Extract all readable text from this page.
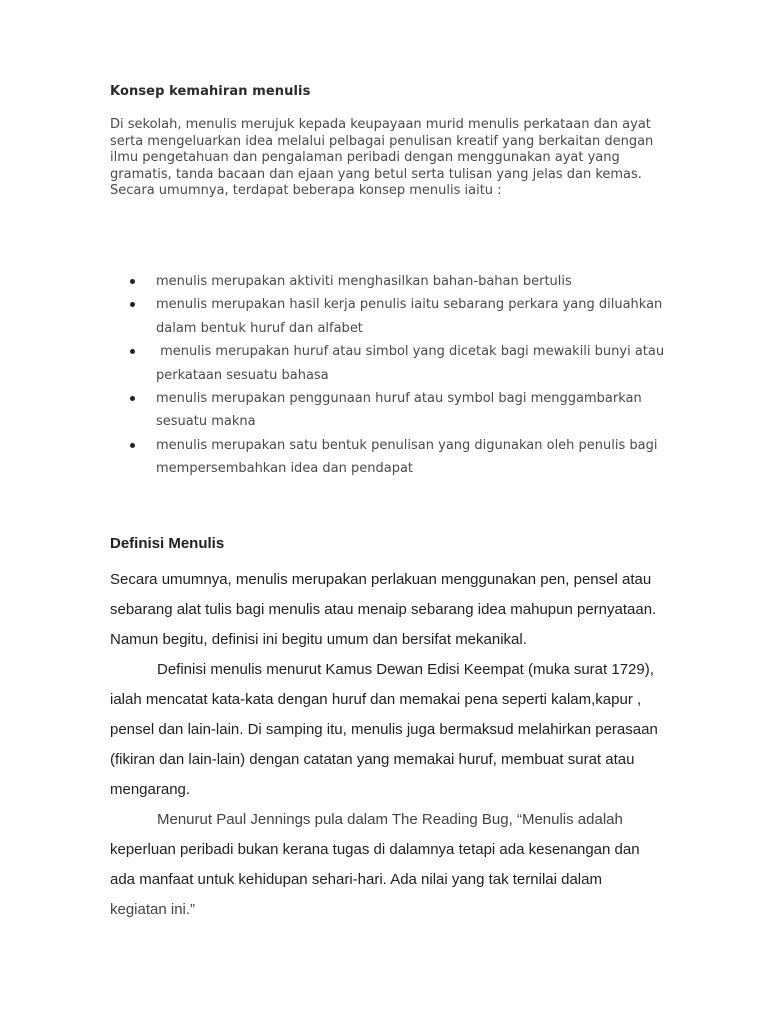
Konsep kemahiran menulis
Di sekolah, menulis merujuk kepada keupayaan murid menulis perkataan dan ayat
serta mengeluarkan idea melalui pelbagai penulisan kreatif yang berkaitan dengan
ilmu pengetahuan dan pengalaman peribadi dengan menggunakan ayat yang
gramatis, tanda bacaan dan ejaan yang betul serta tulisan yang jelas dan kemas.
Secara umumnya, terdapat beberapa konsep menulis iaitu :
menulis merupakan aktiviti menghasilkan bahan-bahan bertulis
menulis merupakan hasil kerja penulis iaitu sebarang perkara yang diluahkan
dalam bentuk huruf dan alfabet
menulis merupakan huruf atau simbol yang dicetak bagi mewakili bunyi atau
perkataan sesuatu bahasa
menulis merupakan penggunaan huruf atau symbol bagi menggambarkan
sesuatu makna
menulis merupakan satu bentuk penulisan yang digunakan oleh penulis bagi
mempersembahkan idea dan pendapat
Definisi Menulis
Secara umumnya, menulis merupakan perlakuan menggunakan pen, pensel atau
sebarang alat tulis bagi menulis atau menaip sebarang idea mahupun pernyataan.
Namun begitu, definisi ini begitu umum dan bersifat mekanikal.
Definisi menulis menurut Kamus Dewan Edisi Keempat (muka surat 1729),
ialah mencatat kata-kata dengan huruf dan memakai pena seperti kalam,kapur ,
pensel dan lain-lain. Di samping itu, menulis juga bermaksud melahirkan perasaan
(fikiran dan lain-lain) dengan catatan yang memakai huruf, membuat surat atau
mengarang.
Menurut Paul Jennings pula dalam The Reading Bug, “Menulis adalah
keperluan peribadi bukan kerana tugas di dalamnya tetapi ada kesenangan dan
ada manfaat untuk kehidupan sehari-hari. Ada nilai yang tak ternilai dalam
kegiatan ini.”
